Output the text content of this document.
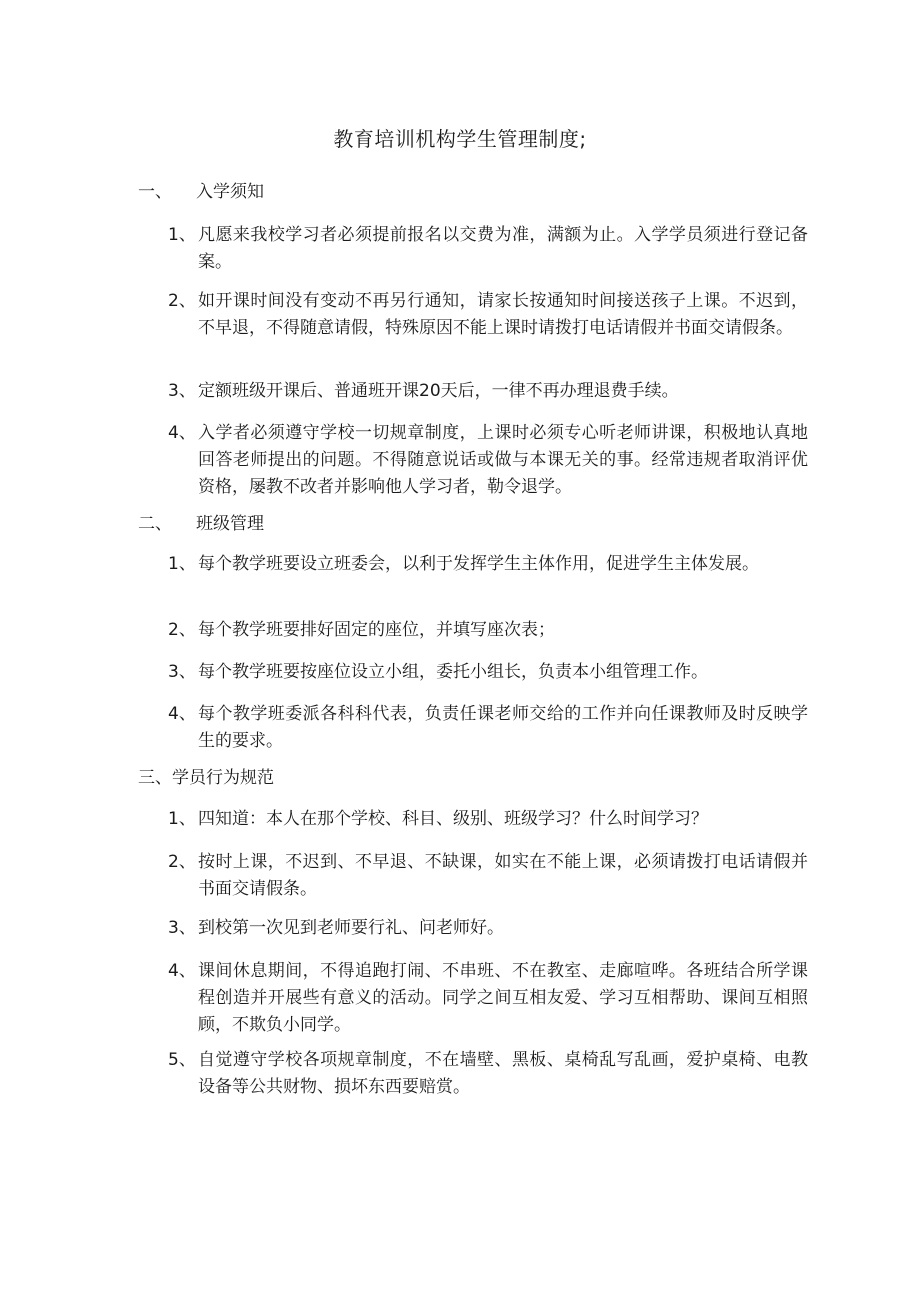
教育培训机构学生管理制度;
一、 入学须知
1、 凡愿来我校学习者必须提前报名以交费为准，满额为止。入学学员须进行登记备案。
2、 如开课时间没有变动不再另行通知，请家长按通知时间接送孩子上课。不迟到，不早退，不得随意请假，特殊原因不能上课时请拨打电话请假并书面交请假条。
3、 定额班级开课后、普通班开课20天后，一律不再办理退费手续。
4、 入学者必须遵守学校一切规章制度，上课时必须专心听老师讲课，积极地认真地回答老师提出的问题。不得随意说话或做与本课无关的事。经常违规者取消评优资格，屡教不改者并影响他人学习者，勒令退学。
二、 班级管理
1、 每个教学班要设立班委会，以利于发挥学生主体作用，促进学生主体发展。
2、 每个教学班要排好固定的座位，并填写座次表；
3、 每个教学班要按座位设立小组，委托小组长，负责本小组管理工作。
4、 每个教学班委派各科科代表，负责任课老师交给的工作并向任课教师及时反映学生的要求。
三、学员行为规范
1、 四知道：本人在那个学校、科目、级别、班级学习？什么时间学习？
2、 按时上课，不迟到、不早退、不缺课，如实在不能上课，必须请拨打电话请假并书面交请假条。
3、 到校第一次见到老师要行礼、问老师好。
4、 课间休息期间，不得追跑打闹、不串班、不在教室、走廊喧哗。各班结合所学课程创造并开展些有意义的活动。同学之间互相友爱、学习互相帮助、课间互相照顾，不欺负小同学。
5、 自觉遵守学校各项规章制度，不在墙壁、黑板、桌椅乱写乱画，爱护桌椅、电教设备等公共财物、损坏东西要赔赏。
